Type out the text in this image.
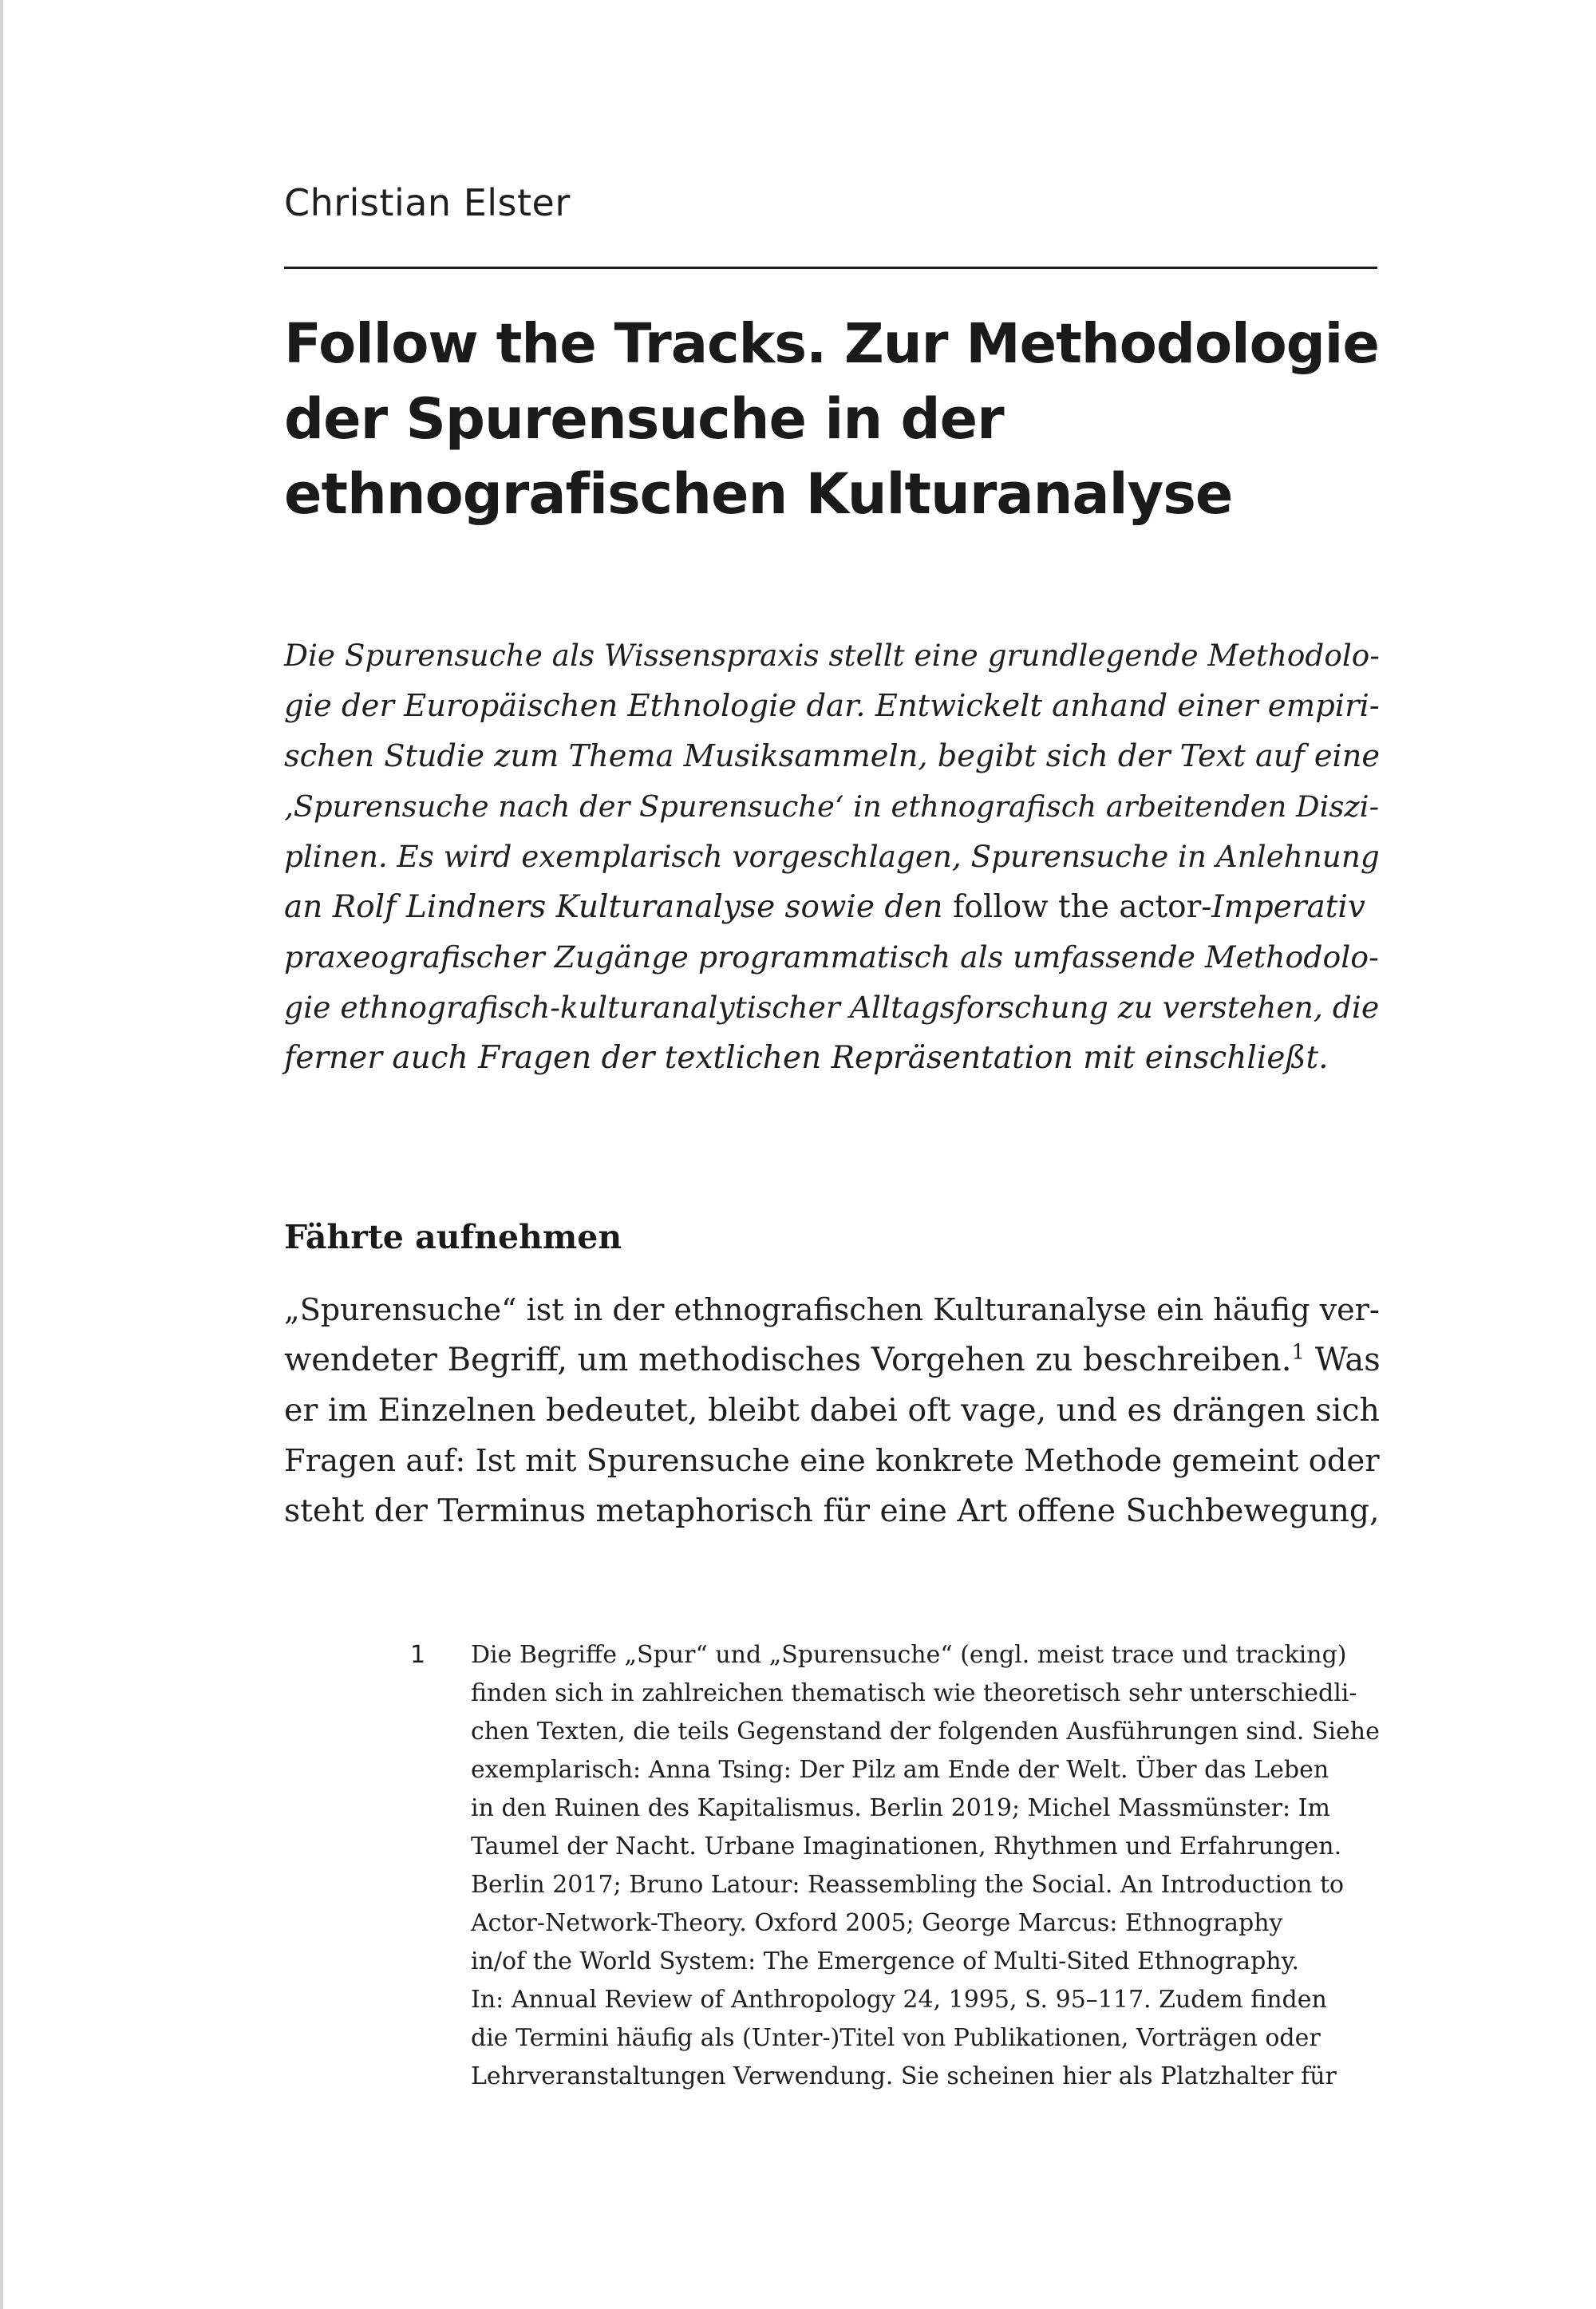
Christian Elster
Follow the Tracks. Zur Methodologie
der Spurensuche in der
ethnografischen Kulturanalyse
Die Spurensuche als Wissenspraxis stellt eine grundlegende Methodolo-
gie der Europäischen Ethnologie dar. Entwickelt anhand einer empiri-
schen Studie zum Thema Musiksammeln, begibt sich der Text auf eine
‚Spurensuche nach der Spurensuche‘ in ethnografisch arbeitenden Diszi-
plinen. Es wird exemplarisch vorgeschlagen, Spurensuche in Anlehnung
an Rolf Lindners Kulturanalyse sowie den follow the actor-Imperativ
praxeografischer Zugänge programmatisch als umfassende Methodolo-
gie ethnografisch-kulturanalytischer Alltagsforschung zu verstehen, die
ferner auch Fragen der textlichen Repräsentation mit einschließt.
Fährte aufnehmen
„Spurensuche“ ist in der ethnografischen Kulturanalyse ein häufig ver-
wendeter Begriff, um methodisches Vorgehen zu beschreiben.$^1$ Was
er im Einzelnen bedeutet, bleibt dabei oft vage, und es drängen sich
Fragen auf: Ist mit Spurensuche eine konkrete Methode gemeint oder
steht der Terminus metaphorisch für eine Art offene Suchbewegung,
1 Die Begriffe „Spur“ und „Spurensuche“ (engl. meist trace und tracking)
finden sich in zahlreichen thematisch wie theoretisch sehr unterschiedli-
chen Texten, die teils Gegenstand der folgenden Ausführungen sind. Siehe
exemplarisch: Anna Tsing: Der Pilz am Ende der Welt. Über das Leben
in den Ruinen des Kapitalismus. Berlin 2019; Michel Massmünster: Im
Taumel der Nacht. Urbane Imaginationen, Rhythmen und Erfahrungen.
Berlin 2017; Bruno Latour: Reassembling the Social. An Introduction to
Actor-Network-Theory. Oxford 2005; George Marcus: Ethnography
in/of the World System: The Emergence of Multi-Sited Ethnography.
In: Annual Review of Anthropology 24, 1995, S. 95–117. Zudem finden
die Termini häufig als (Unter-)Titel von Publikationen, Vorträgen oder
Lehrveranstaltungen Verwendung. Sie scheinen hier als Platzhalter für
